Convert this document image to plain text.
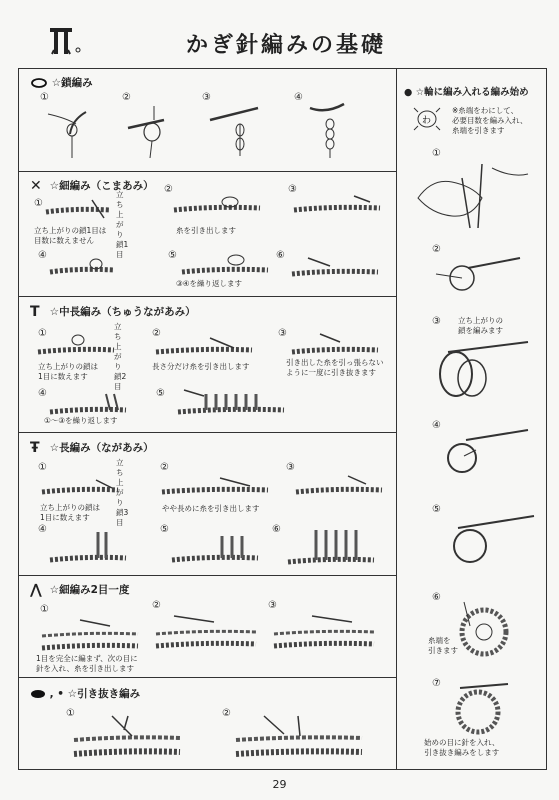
かぎ針編みの基礎
☆鎖編み
①	②	③	④
✕ ☆細編み（こまあみ）
①
②	③
④	⑤	⑥
立ち上がり鎖1目
立ち上がりの鎖1目は
目数に数えません
糸を引き出します
③④を繰り返します
T ☆中長編み（ちゅうながあみ）
①	②	③
④	⑤
立ち上がり鎖2目
立ち上がりの鎖は
1目に数えます
長さ分だけ糸を引き出します	引き出した糸を引っ張らない
ように一度に引き抜きます
①〜③を繰り返します
Ŧ ☆長編み（ながあみ）
①	②	③
④	⑤	⑥
立ち上がり鎖3目
立ち上がりの鎖は
1目に数えます
やや長めに糸を引き出します
⋀ ☆細編み2目一度
①	②	③
1目を完全に編まず、次の目に
針を入れ、糸を引き出します
, • ☆引き抜き編み
①	②
● ☆輪に編み入れる編み始め
わ
※糸端をわにして、
必要目数を編み入れ、
糸端を引きます
①
②
③
④
⑤
⑥
⑦
立ち上がりの
鎖を編みます
糸端を
引きます
始めの目に針を入れ、
引き抜き編みをします
29
